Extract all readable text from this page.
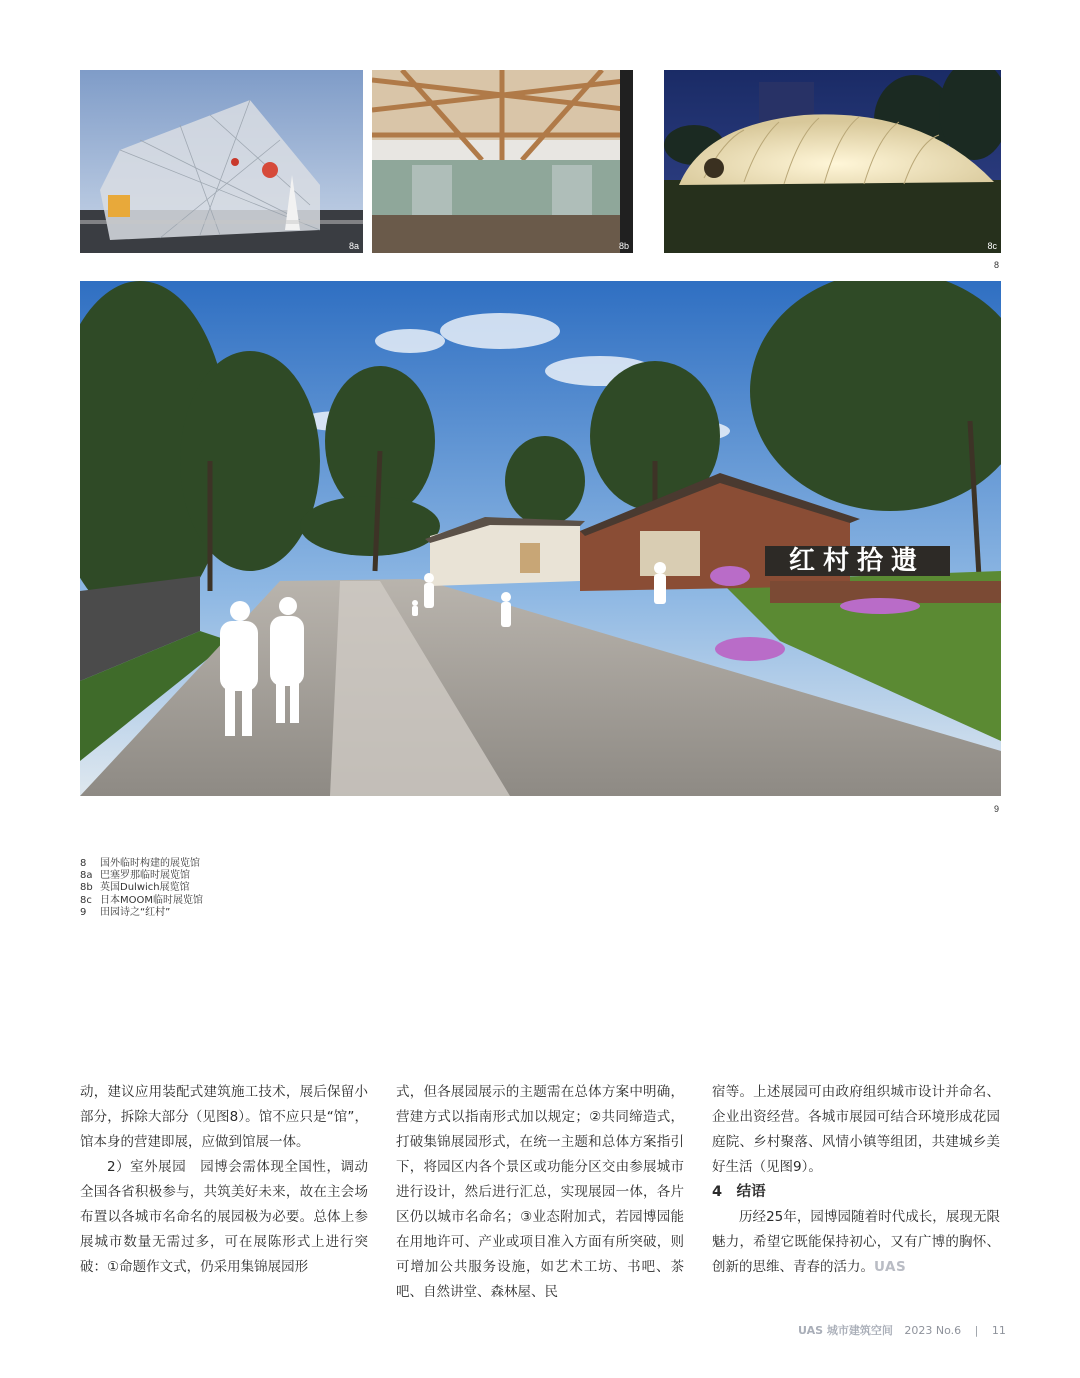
8a	8b	8c
8
红村拾遗
9
8	国外临时构建的展览馆
8a 巴塞罗那临时展览馆
8b 英国Dulwich展览馆
8c 日本MOOM临时展览馆
9	田园诗之“红村”

动，建议应用装配式建筑施工技术，展后保留小部分，拆除大部分（见图8）。馆不应只是“馆”，馆本身的营建即展，应做到馆展一体。

2）室外展园　园博会需体现全国性，调动全国各省积极参与，共筑美好未来，故在主会场布置以各城市名命名的展园极为必要。总体上参展城市数量无需过多，可在展陈形式上进行突破：①命题作文式，仍采用集锦展园形

式，但各展园展示的主题需在总体方案中明确，营建方式以指南形式加以规定；②共同缔造式，打破集锦展园形式，在统一主题和总体方案指引下，将园区内各个景区或功能分区交由参展城市进行设计，然后进行汇总，实现展园一体，各片区仍以城市名命名；③业态附加式，若园博园能在用地许可、产业或项目准入方面有所突破，则可增加公共服务设施，如艺术工坊、书吧、茶吧、自然讲堂、森林屋、民

宿等。上述展园可由政府组织城市设计并命名、企业出资经营。各城市展园可结合环境形成花园庭院、乡村聚落、风情小镇等组团，共建城乡美好生活（见图9）。

4　结语

历经25年，园博园随着时代成长，展现无限魅力，希望它既能保持初心，又有广博的胸怀、创新的思维、青春的活力。UAS

UAS 城市建筑空间 2023 No.6 | 11
